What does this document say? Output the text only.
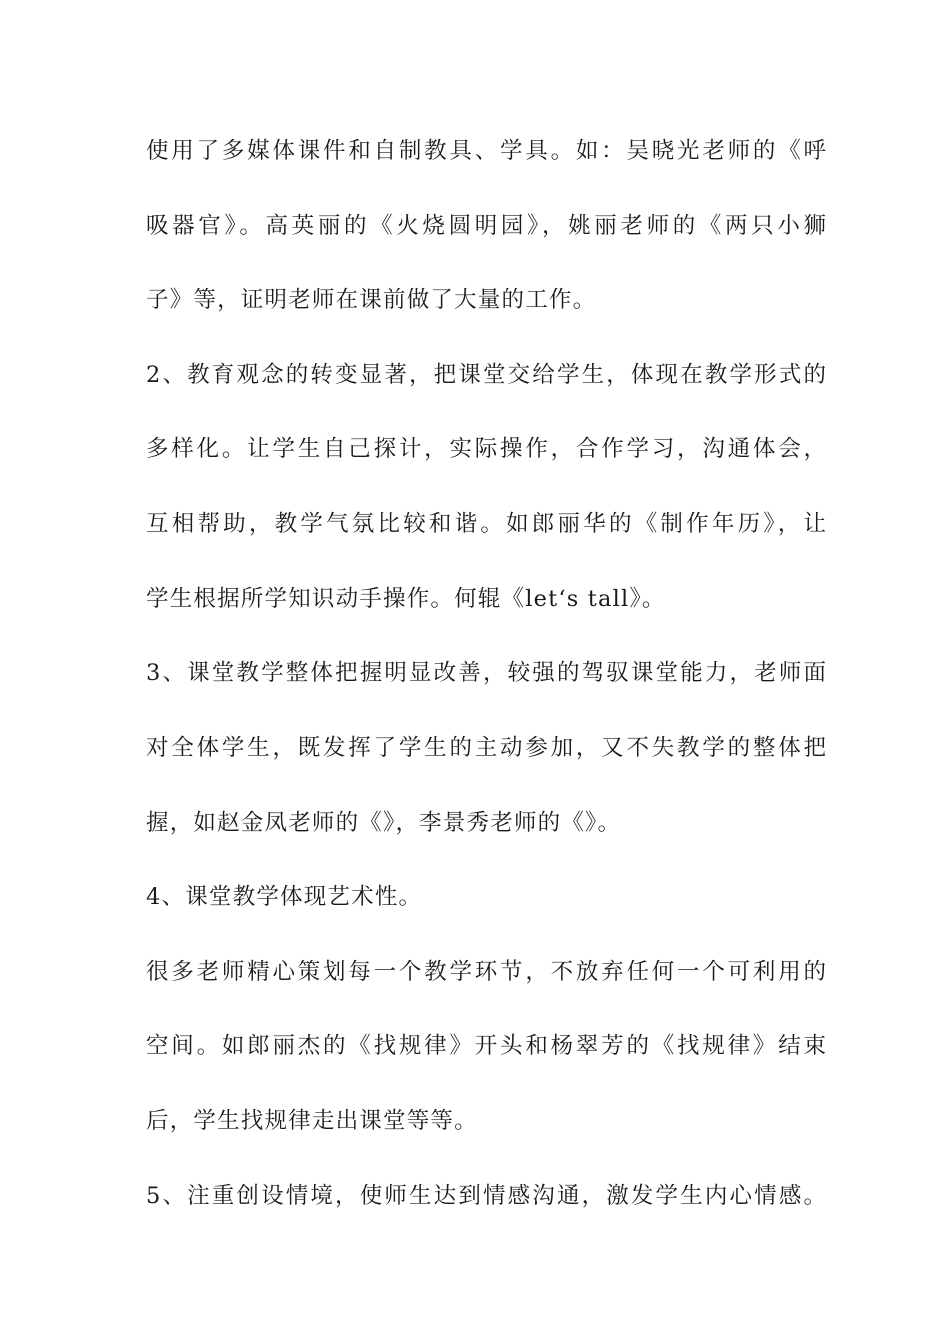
使用了多媒体课件和自制教具、学具。如：吴晓光老师的《呼
吸器官》。高英丽的《火烧圆明园》，姚丽老师的《两只小狮
子》等，证明老师在课前做了大量的工作。
2、教育观念的转变显著，把课堂交给学生，体现在教学形式的
多样化。让学生自己探计，实际操作，合作学习，沟通体会，
互相帮助，教学气氛比较和谐。如郎丽华的《制作年历》，让
学生根据所学知识动手操作。何辊《let‘s tall》。
3、课堂教学整体把握明显改善，较强的驾驭课堂能力，老师面
对全体学生，既发挥了学生的主动参加，又不失教学的整体把
握，如赵金凤老师的《》，李景秀老师的《》。
4、课堂教学体现艺术性。
很多老师精心策划每一个教学环节，不放弃任何一个可利用的
空间。如郎丽杰的《找规律》开头和杨翠芳的《找规律》结束
后，学生找规律走出课堂等等。
5、注重创设情境，使师生达到情感沟通，激发学生内心情感。
